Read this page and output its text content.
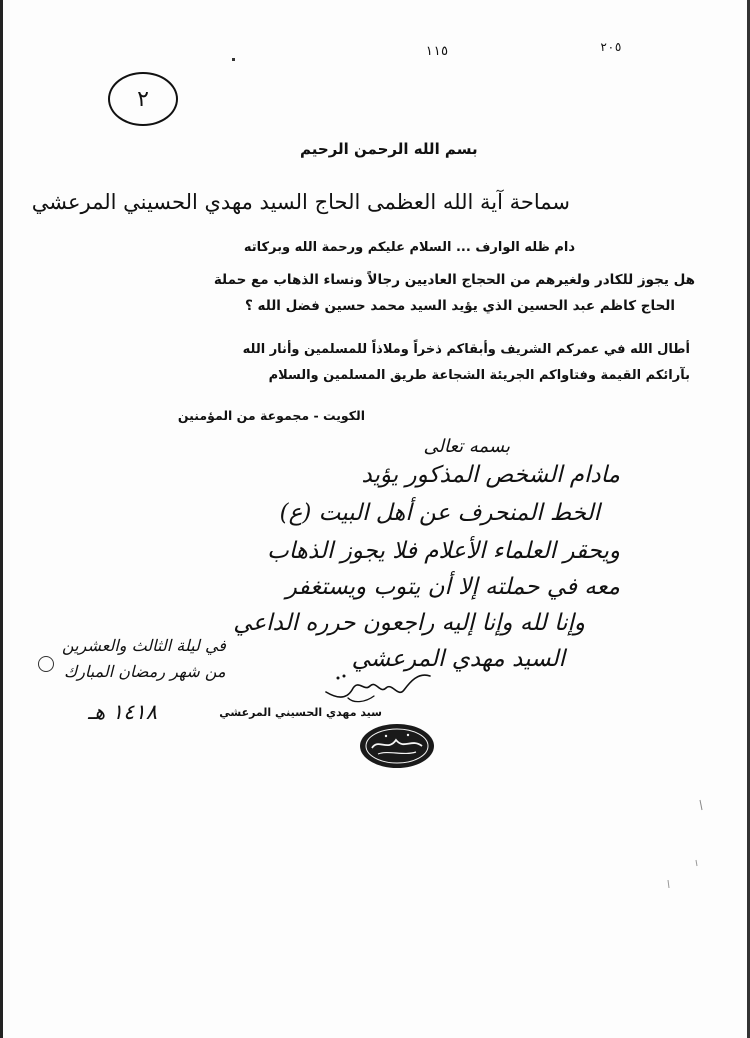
١١٥	٢٠٥
٢
بسم الله الرحمن الرحيم
سماحة آية الله العظمى الحاج السيد مهدي الحسيني المرعشي
دام ظله الوارف ... السلام عليكم ورحمة الله وبركاته
هل يجوز للكادر ولغيرهم من الحجاج العاديين رجالاً ونساء الذهاب مع حملة
الحاج كاظم عبد الحسين الذي يؤيد السيد محمد حسين فضل الله ؟
أطال الله في عمركم الشريف وأبقاكم ذخراً وملاذاً للمسلمين وأنار الله
بآرائكم القيمة وفتاواكم الجريئة الشجاعة طريق المسلمين والسلام
الكويت - مجموعة من المؤمنين
بسمه تعالى
مادام الشخص المذكور يؤيد
الخط المنحرف عن أهل البيت (ع)
ويحقر العلماء الأعلام فلا يجوز الذهاب
معه في حملته إلا أن يتوب ويستغفر
وإنا لله وإنا إليه راجعون حرره الداعي
السيد مهدي المرعشي
في ليلة الثالث والعشرين
من شهر رمضان المبارك
١٤١٨ هـ	سيد مهدي الحسيني المرعشي
